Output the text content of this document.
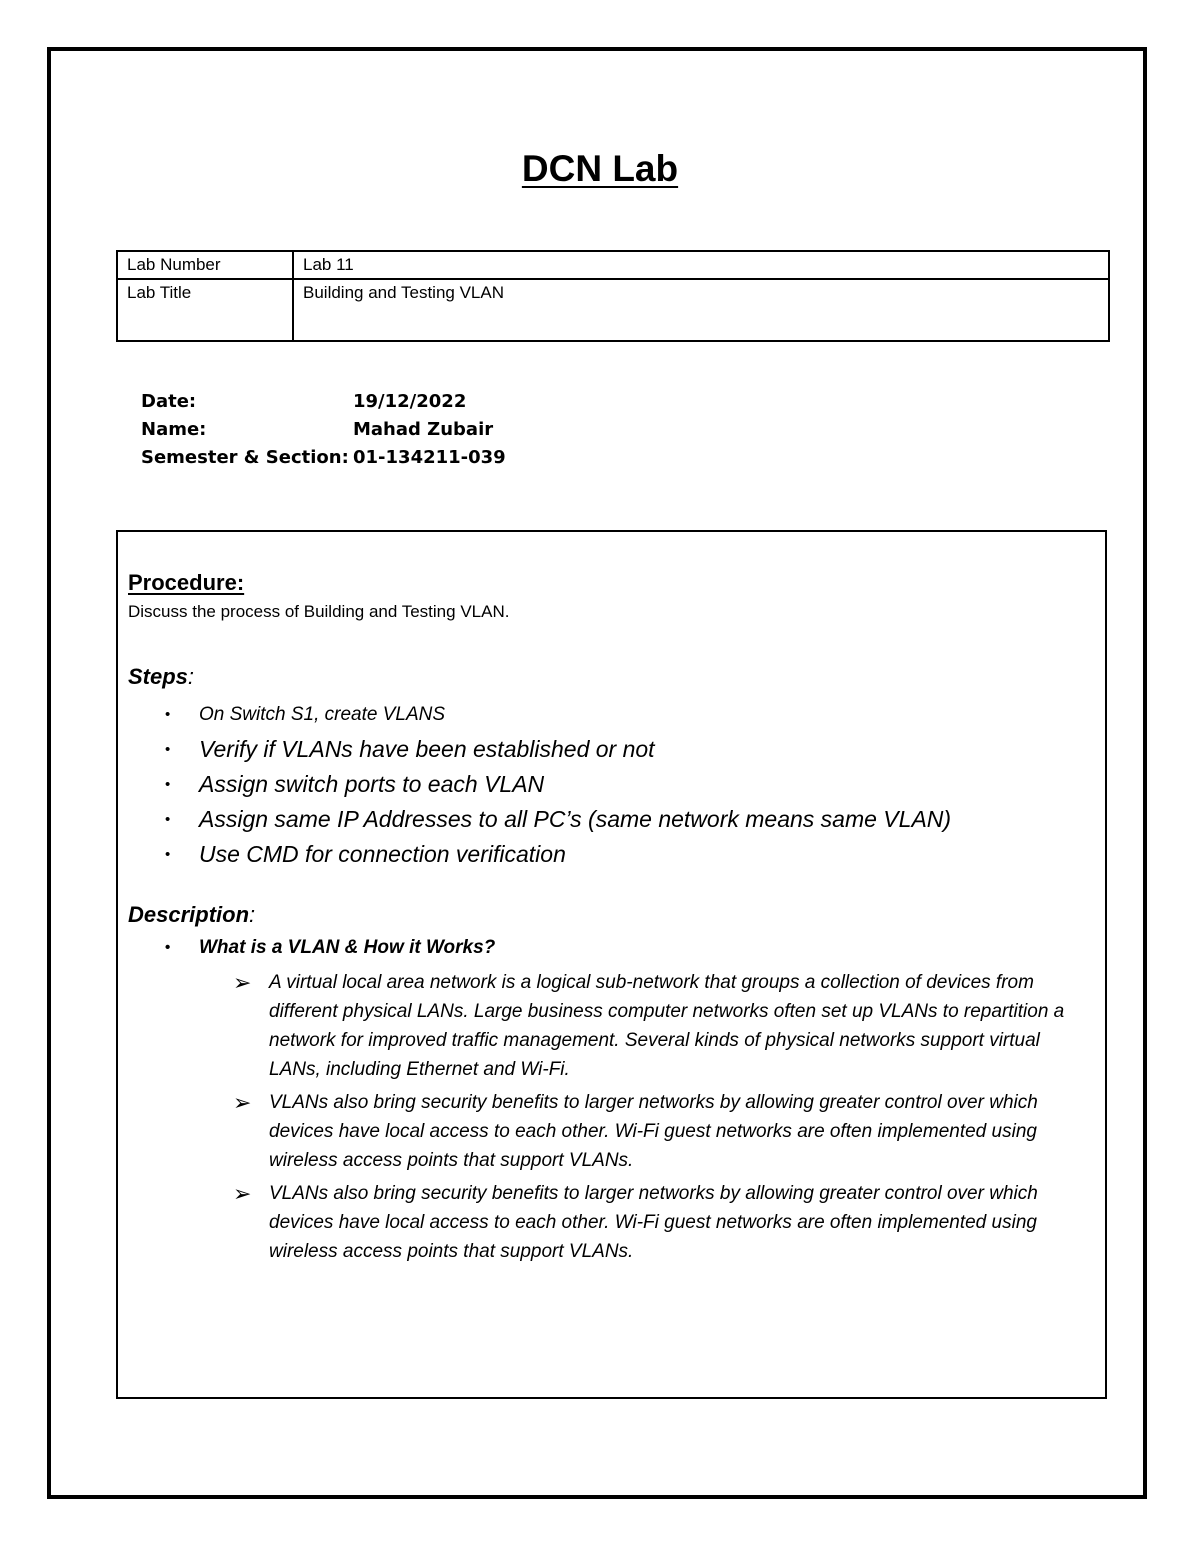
DCN Lab
Lab Number	Lab 11
Lab Title	Building and Testing VLAN
Date:	19/12/2022
Name:	Mahad Zubair
Semester & Section: 01-134211-039
Procedure:
Discuss the process of Building and Testing VLAN.
Steps:
• On Switch S1, create VLANS
• Verify if VLANs have been established or not
• Assign switch ports to each VLAN
• Assign same IP Addresses to all PC’s (same network means same VLAN)
• Use CMD for connection verification
Description:
• What is a VLAN & How it Works?
➢ A virtual local area network is a logical sub-network that groups a collection of devices from different physical LANs. Large business computer networks often set up VLANs to repartition a network for improved traffic management. Several kinds of physical networks support virtual LANs, including Ethernet and Wi-Fi.
➢ VLANs also bring security benefits to larger networks by allowing greater control over which devices have local access to each other. Wi-Fi guest networks are often implemented using wireless access points that support VLANs.
➢ VLANs also bring security benefits to larger networks by allowing greater control over which devices have local access to each other. Wi-Fi guest networks are often implemented using wireless access points that support VLANs.
